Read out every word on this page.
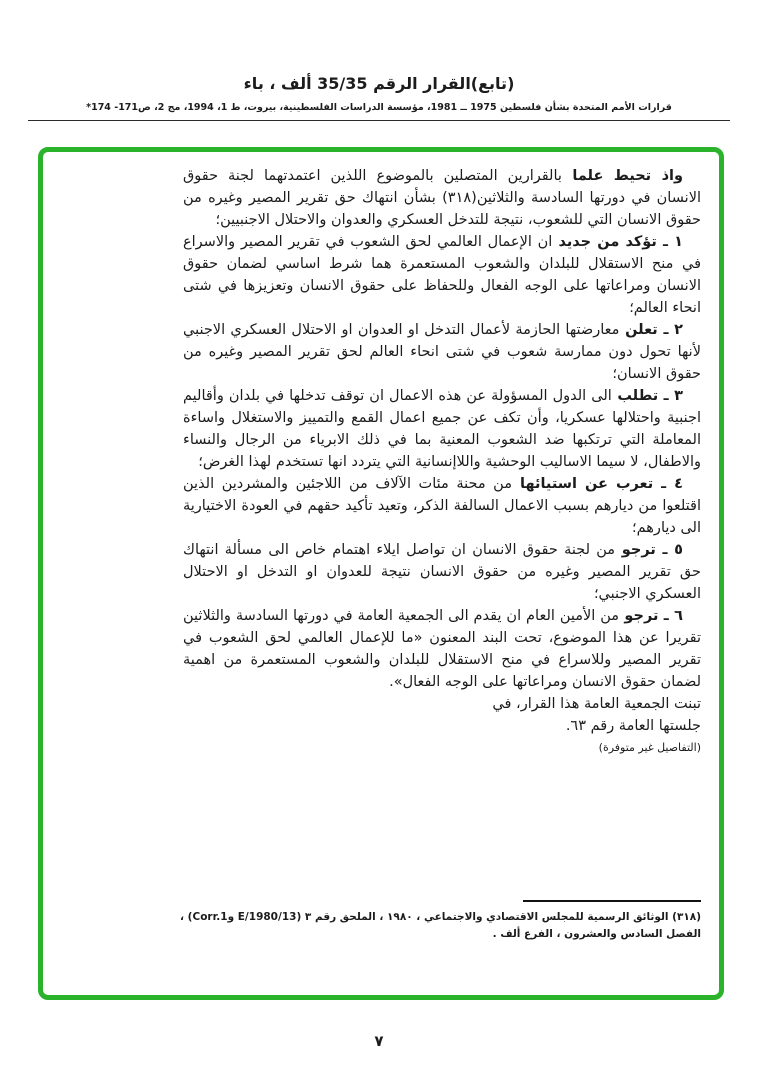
(تابع)القرار الرقم 35/35 ألف ، باء
قرارات الأمم المتحدة بشأن فلسطين 1975 ــ 1981، مؤسسة الدراسات الفلسطينية، بيروت، ط 1، 1994، مج 2، ص171- 174*

واذ تحيط علما بالقرارين المتصلين بالموضوع اللذين اعتمدتهما لجنة حقوق الانسان في دورتها السادسة والثلاثين(٣١٨) بشأن انتهاك حق تقرير المصير وغيره من حقوق الانسان التي للشعوب، نتيجة للتدخل العسكري والعدوان والاحتلال الاجنبيين؛

١ ـ تؤكد من جديد ان الإعمال العالمي لحق الشعوب في تقرير المصير والاسراع في منح الاستقلال للبلدان والشعوب المستعمرة هما شرط اساسي لضمان حقوق الانسان ومراعاتها على الوجه الفعال وللحفاظ على حقوق الانسان وتعزيزها في شتى انحاء العالم؛

٢ ـ تعلن معارضتها الحازمة لأعمال التدخل او العدوان او الاحتلال العسكري الاجنبي لأنها تحول دون ممارسة شعوب في شتى انحاء العالم لحق تقرير المصير وغيره من حقوق الانسان؛

٣ ـ تطلب الى الدول المسؤولة عن هذه الاعمال ان توقف تدخلها في بلدان وأقاليم اجنبية واحتلالها عسكريا، وأن تكف عن جميع اعمال القمع والتمييز والاستغلال واساءة المعاملة التي ترتكبها ضد الشعوب المعنية بما في ذلك الابرياء من الرجال والنساء والاطفال، لا سيما الاساليب الوحشية واللاإنسانية التي يتردد انها تستخدم لهذا الغرض؛

٤ ـ تعرب عن استيائها من محنة مئات الآلاف من اللاجئين والمشردين الذين اقتلعوا من ديارهم بسبب الاعمال السالفة الذكر، وتعيد تأكيد حقهم في العودة الاختيارية الى ديارهم؛

٥ ـ ترجو من لجنة حقوق الانسان ان تواصل ايلاء اهتمام خاص الى مسألة انتهاك حق تقرير المصير وغيره من حقوق الانسان نتيجة للعدوان او التدخل او الاحتلال العسكري الاجنبي؛

٦ ـ ترجو من الأمين العام ان يقدم الى الجمعية العامة في دورتها السادسة والثلاثين تقريرا عن هذا الموضوع، تحت البند المعنون «ما للإعمال العالمي لحق الشعوب في تقرير المصير وللاسراع في منح الاستقلال للبلدان والشعوب المستعمرة من اهمية لضمان حقوق الانسان ومراعاتها على الوجه الفعال».

تبنت الجمعية العامة هذا القرار، في

جلستها العامة رقم ٦٣.

(التفاصيل غير متوفرة)

(٣١٨) الوثائق الرسمية للمجلس الاقتصادي والاجتماعي ، ١٩٨٠ ، الملحق رقم ٣ (E/1980/13 وCorr.1) ،
الفصل السادس والعشرون ، الفرع ألف .
٧
